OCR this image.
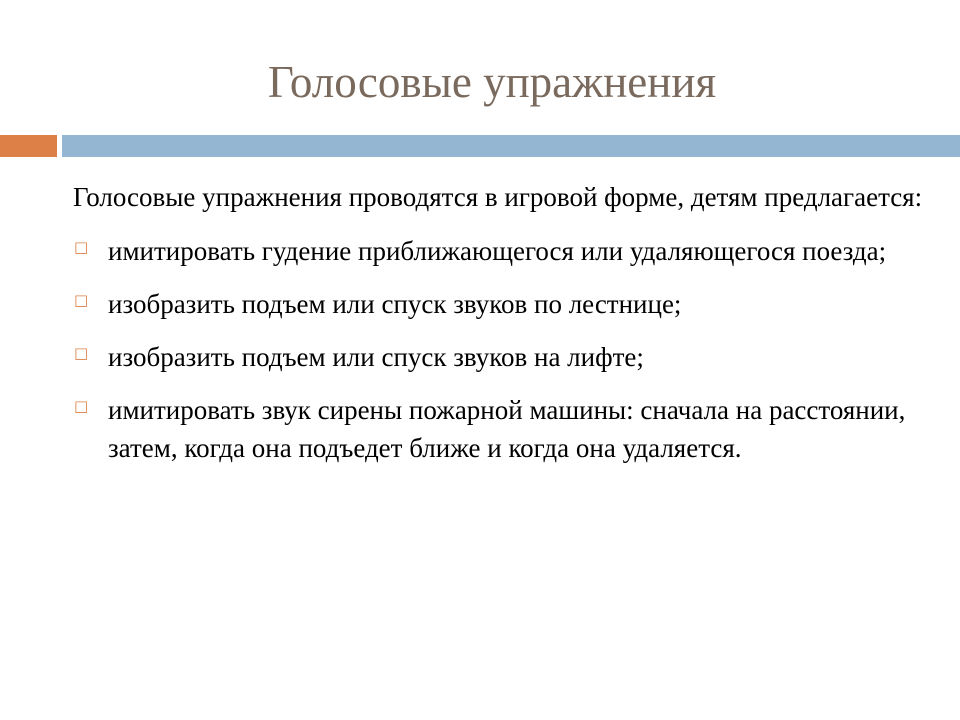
Голосовые упражнения

Голосовые упражнения проводятся в игровой форме, детям предлагается:

□ имитировать гудение приближающегося или удаляющегося поезда;
□ изобразить подъем или спуск звуков по лестнице;
□ изобразить подъем или спуск звуков на лифте;
□ имитировать звук сирены пожарной машины: сначала на расстоянии, затем, когда она подъедет ближе и когда она удаляется.
